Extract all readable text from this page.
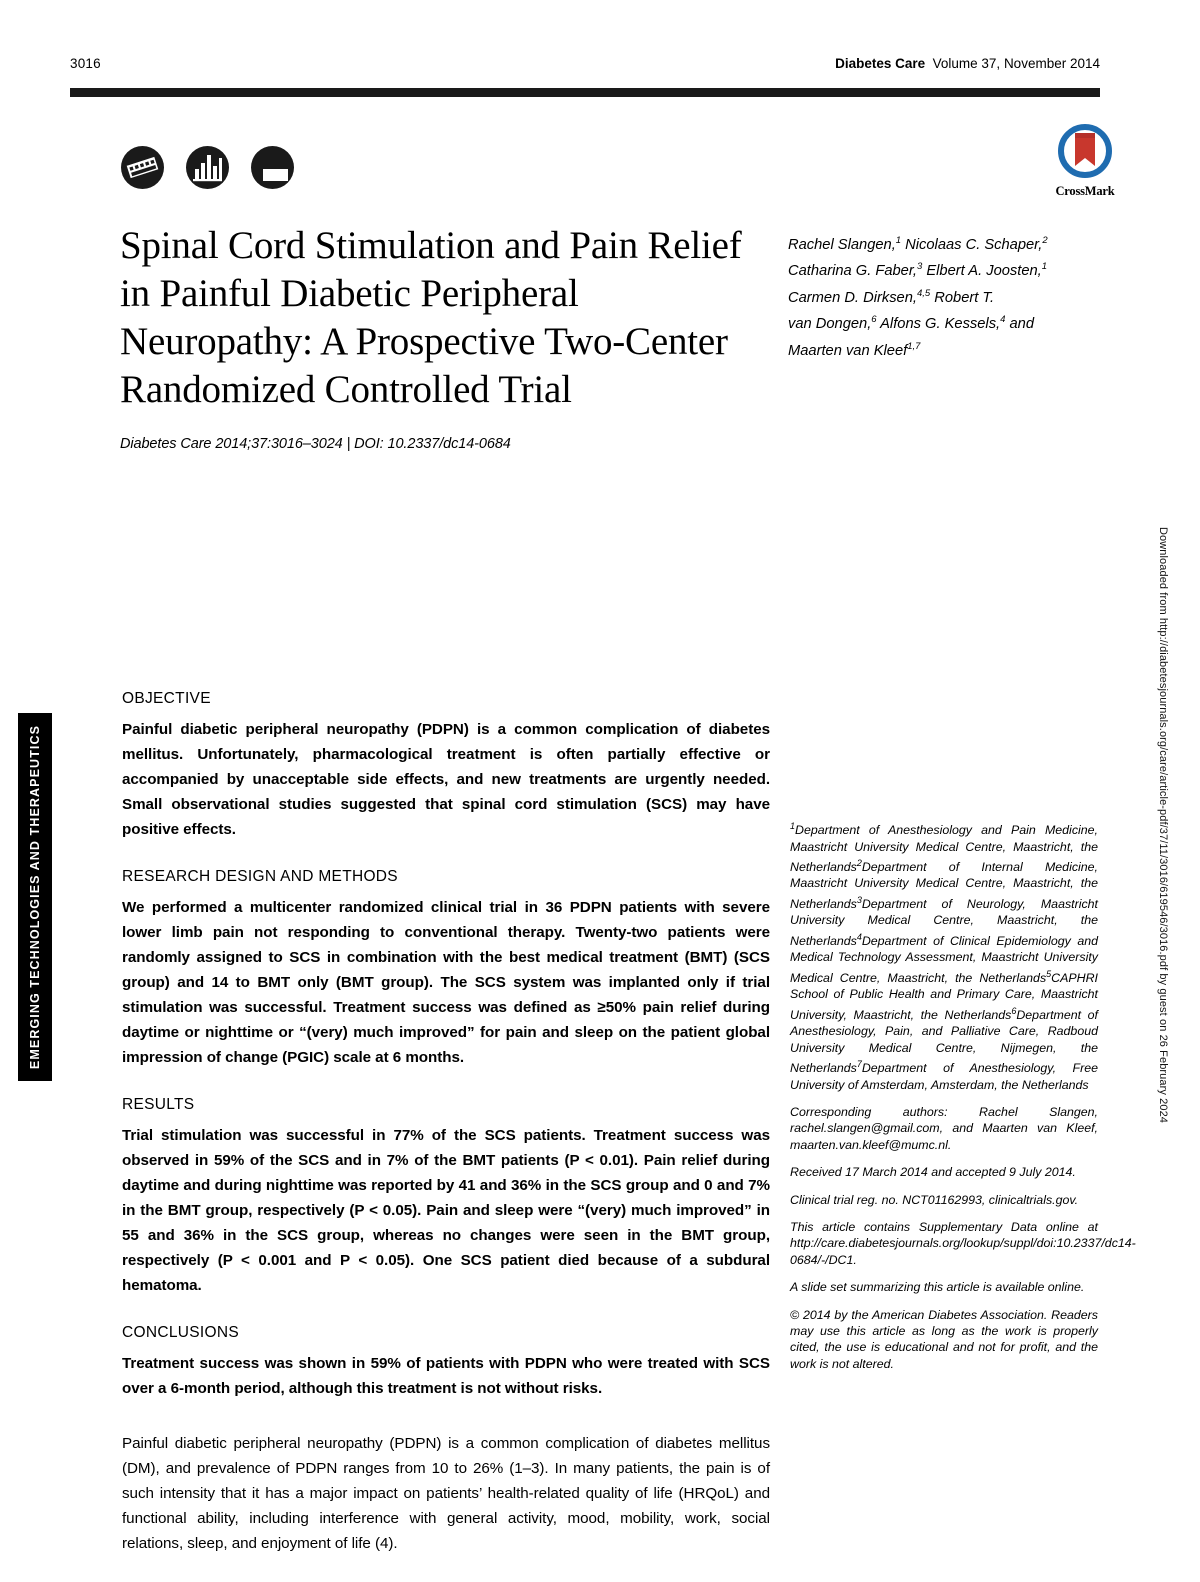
3016	Diabetes Care Volume 37, November 2014
EMERGING TECHNOLOGIES AND THERAPEUTICS	Downloaded from http://diabetesjournals.org/care/article-pdf/37/11/3016/619546/3016.pdf by guest on 26 February 2024
CrossMark
Spinal Cord Stimulation and Pain Relief in Painful Diabetic Peripheral Neuropathy: A Prospective Two-Center Randomized Controlled Trial
Diabetes Care 2014;37:3016–3024 | DOI: 10.2337/dc14-0684
Rachel Slangen,$^1$ Nicolaas C. Schaper,$^2$
Catharina G. Faber,$^3$ Elbert A. Joosten,$^1$
Carmen D. Dirksen,$^{4,5}$ Robert T.
van Dongen,$^6$ Alfons G. Kessels,$^4$ and
Maarten van Kleef$^{1,7}$
OBJECTIVE

Painful diabetic peripheral neuropathy (PDPN) is a common complication of diabetes mellitus. Unfortunately, pharmacological treatment is often partially effective or accompanied by unacceptable side effects, and new treatments are urgently needed. Small observational studies suggested that spinal cord stimulation (SCS) may have positive effects.

RESEARCH DESIGN AND METHODS

We performed a multicenter randomized clinical trial in 36 PDPN patients with severe lower limb pain not responding to conventional therapy. Twenty-two patients were randomly assigned to SCS in combination with the best medical treatment (BMT) (SCS group) and 14 to BMT only (BMT group). The SCS system was implanted only if trial stimulation was successful. Treatment success was defined as ≥50% pain relief during daytime or nighttime or “(very) much improved” for pain and sleep on the patient global impression of change (PGIC) scale at 6 months.

RESULTS

Trial stimulation was successful in 77% of the SCS patients. Treatment success was observed in 59% of the SCS and in 7% of the BMT patients (P < 0.01). Pain relief during daytime and during nighttime was reported by 41 and 36% in the SCS group and 0 and 7% in the BMT group, respectively (P < 0.05). Pain and sleep were “(very) much improved” in 55 and 36% in the SCS group, whereas no changes were seen in the BMT group, respectively (P < 0.001 and P < 0.05). One SCS patient died because of a subdural hematoma.

CONCLUSIONS

Treatment success was shown in 59% of patients with PDPN who were treated with SCS over a 6-month period, although this treatment is not without risks.

Painful diabetic peripheral neuropathy (PDPN) is a common complication of diabetes mellitus (DM), and prevalence of PDPN ranges from 10 to 26% (1–3). In many patients, the pain is of such intensity that it has a major impact on patients’ health-related quality of life (HRQoL) and functional ability, including interference with general activity, mood, mobility, work, social relations, sleep, and enjoyment of life (4).

$^1$Department of Anesthesiology and Pain Medicine, Maastricht University Medical Centre, Maastricht, the Netherlands$^2$Department of Internal Medicine, Maastricht University Medical Centre, Maastricht, the Netherlands$^3$Department of Neurology, Maastricht University Medical Centre, Maastricht, the Netherlands$^4$Department of Clinical Epidemiology and Medical Technology Assessment, Maastricht University Medical Centre, Maastricht, the Netherlands$^5$CAPHRI School of Public Health and Primary Care, Maastricht University, Maastricht, the Netherlands$^6$Department of Anesthesiology, Pain, and Palliative Care, Radboud University Medical Centre, Nijmegen, the Netherlands$^7$Department of Anesthesiology, Free University of Amsterdam, Amsterdam, the Netherlands

Corresponding authors: Rachel Slangen, rachel.slangen@gmail.com, and Maarten van Kleef, maarten.van.kleef@mumc.nl.

Received 17 March 2014 and accepted 9 July 2014.

Clinical trial reg. no. NCT01162993, clinicaltrials.gov.

This article contains Supplementary Data online at http://care.diabetesjournals.org/lookup/suppl/doi:10.2337/dc14-0684/-/DC1.

A slide set summarizing this article is available online.

© 2014 by the American Diabetes Association. Readers may use this article as long as the work is properly cited, the use is educational and not for profit, and the work is not altered.
